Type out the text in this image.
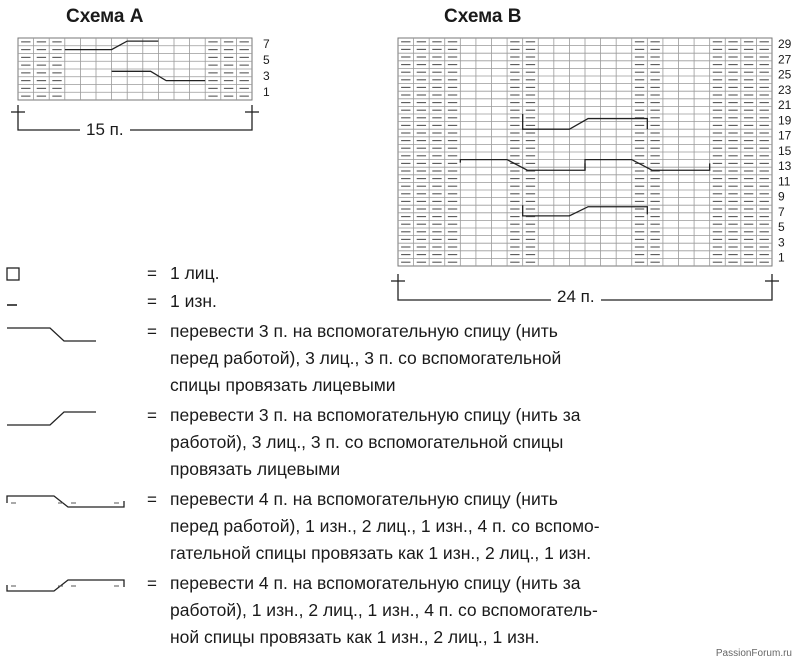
Схема А	Схема В
7
5
3
1
29
27
25
23
21
19
17
15
13
11
9
7
5
3
1
15 п.
24 п.
= 1 лиц.
= 1 изн.
= перевести 3 п. на вспомогательную спицу (нить
перед работой), 3 лиц., 3 п. со вспомогательной
спицы провязать лицевыми
= перевести 3 п. на вспомогательную спицу (нить за
работой), 3 лиц., 3 п. со вспомогательной спицы
провязать лицевыми
= перевести 4 п. на вспомогательную спицу (нить
перед работой), 1 изн., 2 лиц., 1 изн., 4 п. со вспомо-
гательной спицы провязать как 1 изн., 2 лиц., 1 изн.
= перевести 4 п. на вспомогательную спицу (нить за
работой), 1 изн., 2 лиц., 1 изн., 4 п. со вспомогатель-
ной спицы провязать как 1 изн., 2 лиц., 1 изн.
PassionForum.ru
